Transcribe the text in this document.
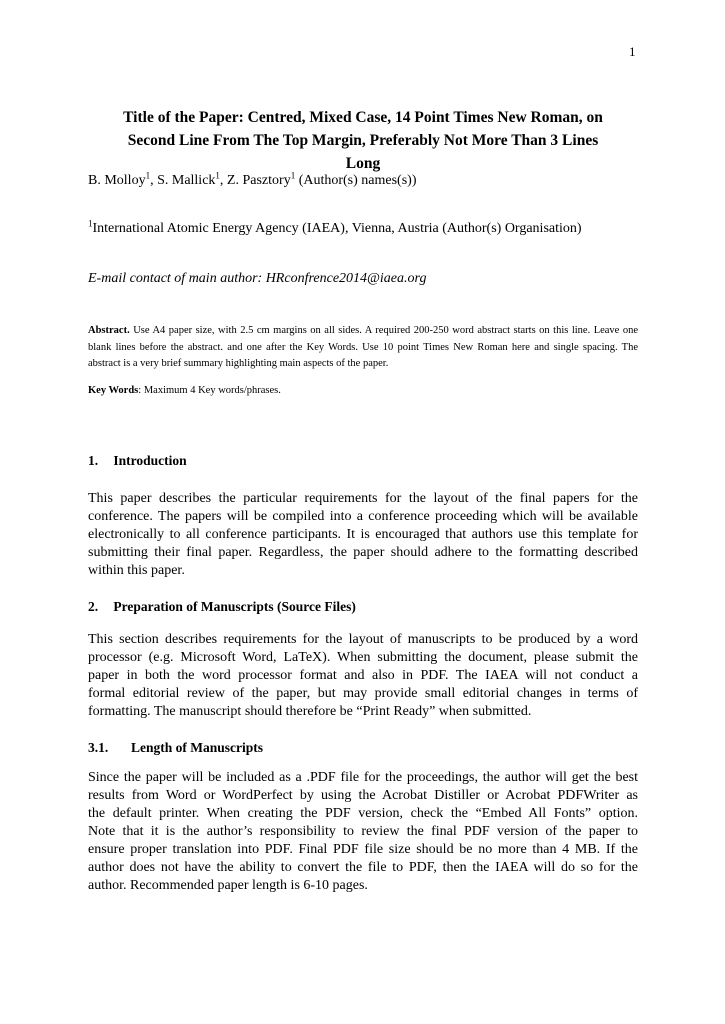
1
Title of the Paper: Centred, Mixed Case, 14 Point Times New Roman, on
Second Line From The Top Margin, Preferably Not More Than 3 Lines
Long
B. Molloy$^1$, S. Mallick$^1$, Z. Pasztory$^1$ (Author(s) names(s))
$^1$International Atomic Energy Agency (IAEA), Vienna, Austria (Author(s) Organisation)
E-mail contact of main author: HRconfrence2014@iaea.org
Abstract. Use A4 paper size, with 2.5 cm margins on all sides. A required 200-250 word abstract starts on this line. Leave one blank lines before the abstract. and one after the Key Words. Use 10 point Times New Roman here and single spacing. The abstract is a very brief summary highlighting main aspects of the paper.
Key Words: Maximum 4 Key words/phrases.
1. Introduction
This paper describes the particular requirements for the layout of the final papers for the
conference. The papers will be compiled into a conference proceeding which will be available
electronically to all conference participants. It is encouraged that authors use this template for
submitting their final paper. Regardless, the paper should adhere to the formatting described
within this paper.
2. Preparation of Manuscripts (Source Files)
This section describes requirements for the layout of manuscripts to be produced by a word
processor (e.g. Microsoft Word, LaTeX). When submitting the document, please submit the
paper in both the word processor format and also in PDF. The IAEA will not conduct a
formal editorial review of the paper, but may provide small editorial changes in terms of
formatting. The manuscript should therefore be “Print Ready” when submitted.
3.1. Length of Manuscripts
Since the paper will be included as a .PDF file for the proceedings, the author will get the best
results from Word or WordPerfect by using the Acrobat Distiller or Acrobat PDFWriter as
the default printer. When creating the PDF version, check the “Embed All Fonts” option.
Note that it is the author’s responsibility to review the final PDF version of the paper to
ensure proper translation into PDF. Final PDF file size should be no more than 4 MB. If the
author does not have the ability to convert the file to PDF, then the IAEA will do so for the
author. Recommended paper length is 6-10 pages.
